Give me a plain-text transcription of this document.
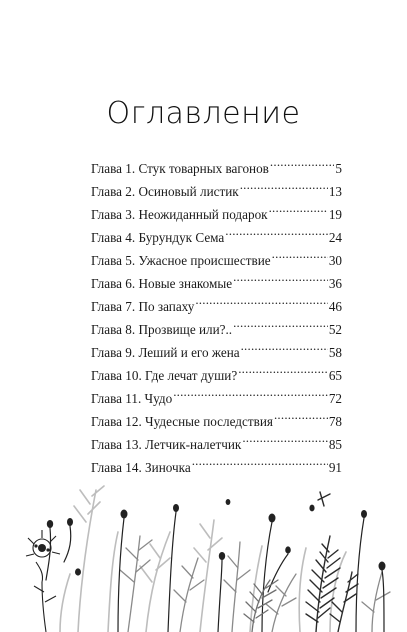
Оглавление
Глава 1. Стук товарных вагонов .....	5
Глава 2. Осиновый листик .....	13
Глава 3. Неожиданный подарок .....	19
Глава 4. Бурундук Сема .....	24
Глава 5. Ужасное происшествие .....	30
Глава 6. Новые знакомые .....	36
Глава 7. По запаху .....	46
Глава 8. Прозвище или?.. .....	52
Глава 9. Леший и его жена .....	58
Глава 10. Где лечат души? .....	65
Глава 11. Чудо .....	72
Глава 12. Чудесные последствия .....	78
Глава 13. Летчик-налетчик .....	85
Глава 14. Зиночка .....	91
